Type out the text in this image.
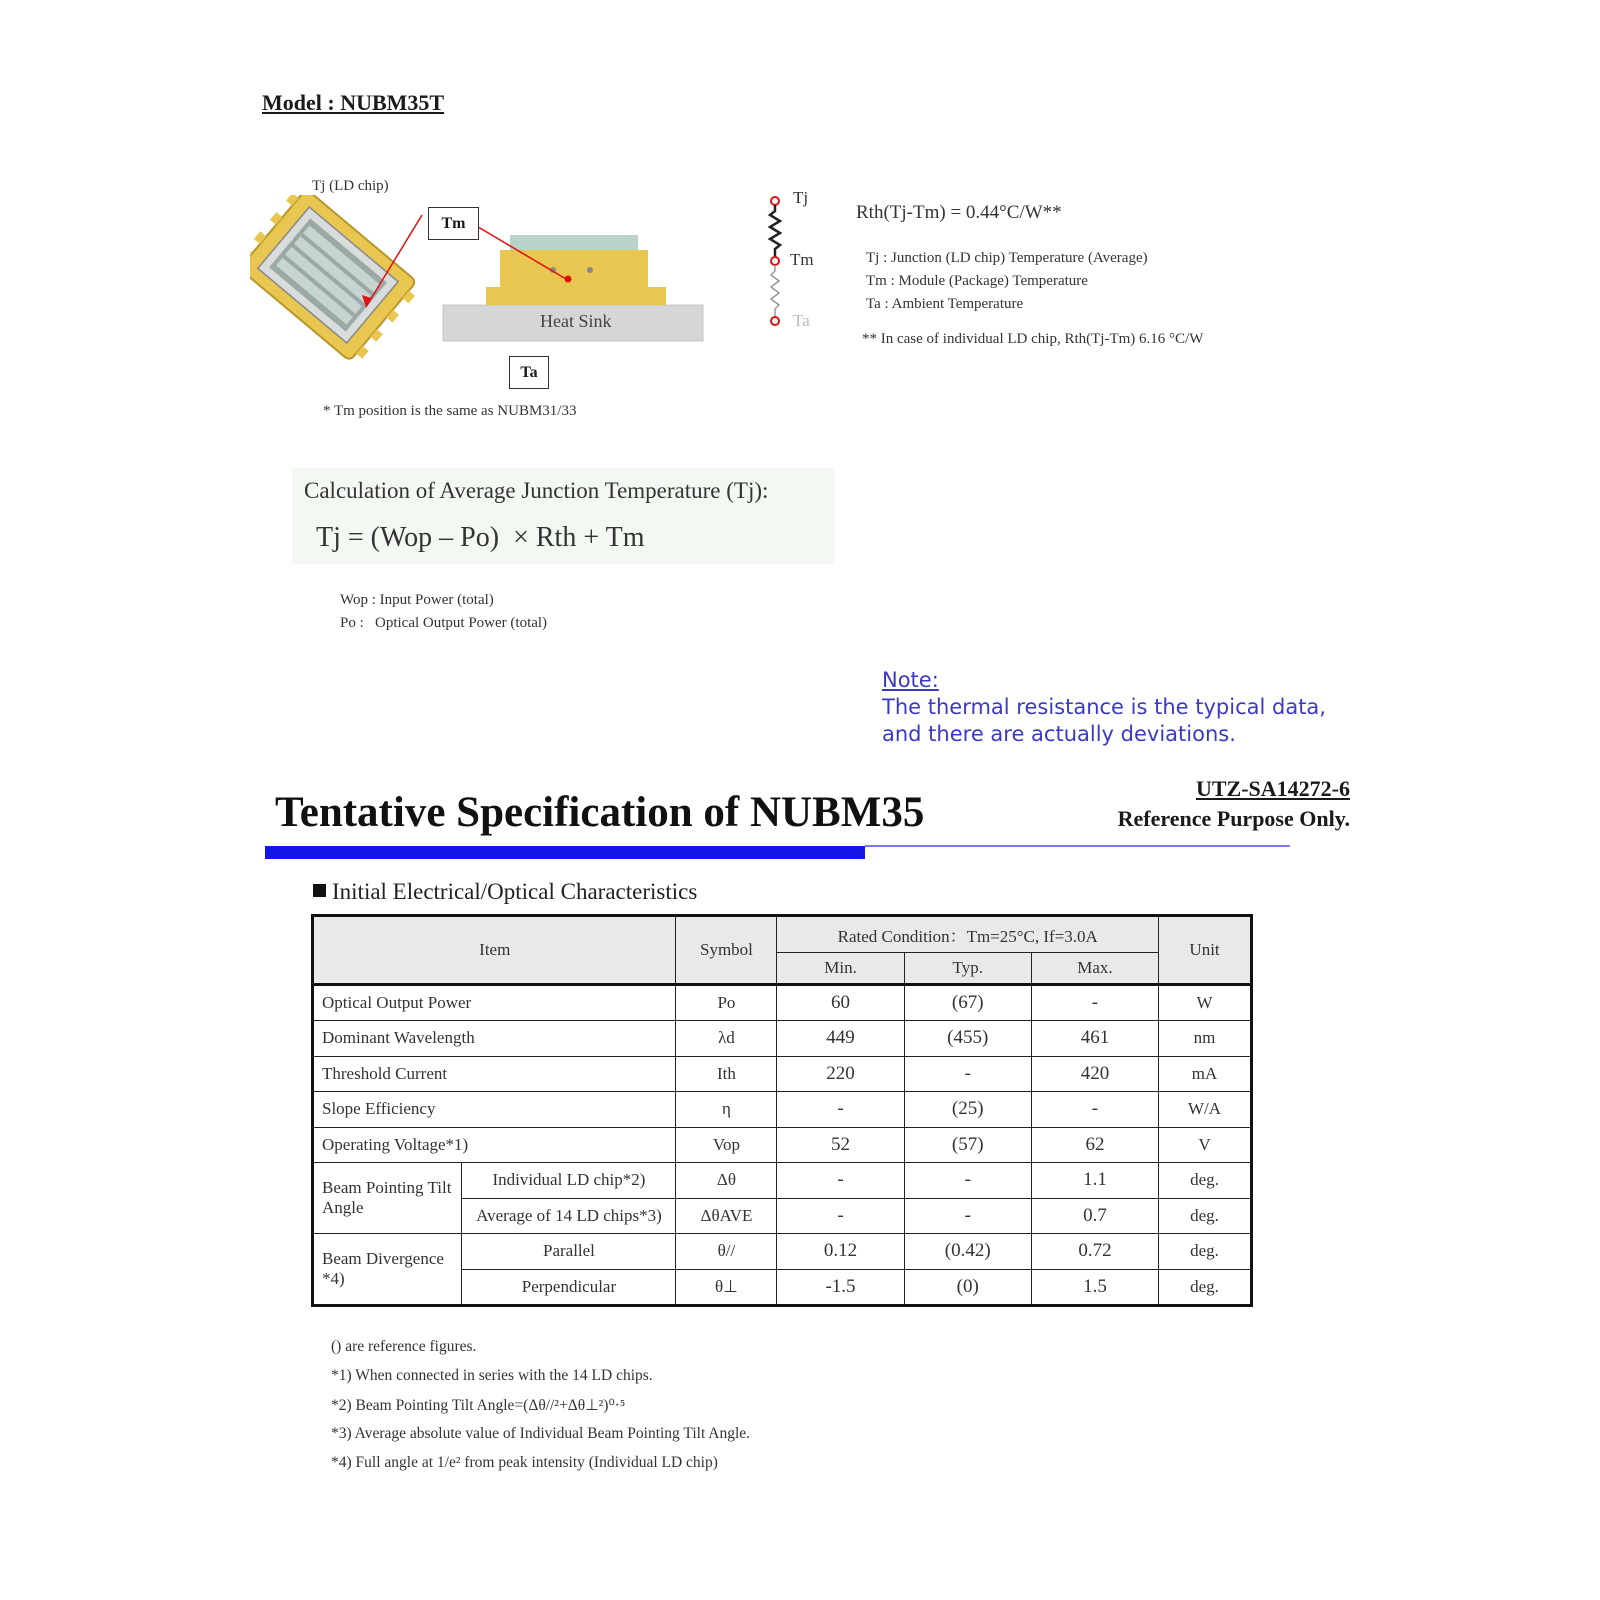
Model : NUBM35T
Tj (LD chip)
Heat Sink
Tm
Ta
* Tm position is the same as NUBM31/33
Tj
Tm
Ta
Rth(Tj-Tm) = 0.44°C/W**
Tj : Junction (LD chip) Temperature (Average)
Tm : Module (Package) Temperature
Ta : Ambient Temperature
** In case of individual LD chip, Rth(Tj-Tm) 6.16 °C/W
Calculation of Average Junction Temperature (Tj):
Tj = (Wop – Po)  × Rth + Tm
Wop : Input Power (total)
Po :   Optical Output Power (total)
Note:
The thermal resistance is the typical data,
and there are actually deviations.
Tentative Specification of NUBM35
UTZ-SA14272-6
Reference Purpose Only.
Initial Electrical/Optical Characteristics
Item		Symbol	Rated Condition：Tm=25°C, If=3.0A			Unit
			Min.	Typ.	Max.	
Optical Output Power		Po	60	(67)	-	W
Dominant Wavelength		λd	449	(455)	461	nm
Threshold Current		Ith	220	-	420	mA
Slope Efficiency		η	-	(25)	-	W/A
Operating Voltage*1)		Vop	52	(57)	62	V
Beam Pointing Tilt Angle	Individual LD chip*2)	Δθ	-	-	1.1	deg.
	Average of 14 LD chips*3)	ΔθAVE	-	-	0.7	deg.
Beam Divergence *4)	Parallel	θ//	0.12	(0.42)	0.72	deg.
	Perpendicular	θ⊥	-1.5	(0)	1.5	deg.
() are reference figures.
*1) When connected in series with the 14 LD chips.
*2) Beam Pointing Tilt Angle=(Δθ//²+Δθ⊥²)⁰·⁵
*3) Average absolute value of Individual Beam Pointing Tilt Angle.
*4) Full angle at 1/e² from peak intensity (Individual LD chip)
